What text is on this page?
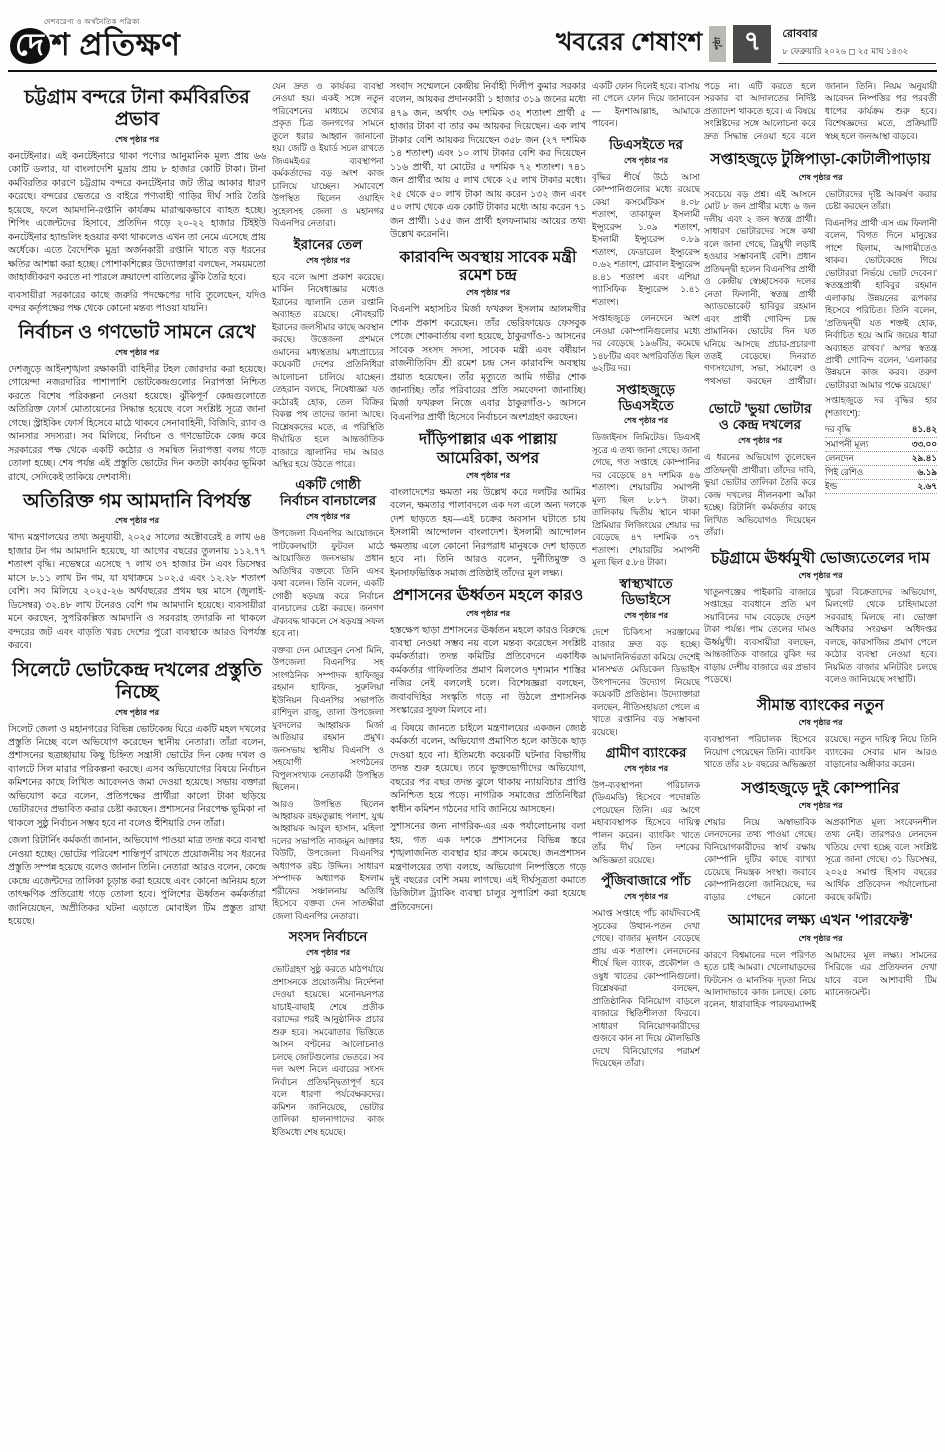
দেশবরেণ্য ও অর্থনৈতিক পত্রিকা
দে শ প্রতিক্ষণ	খবরের শেষাংশ	পৃষ্ঠা ৭	রোববার
৮ ফেব্রুয়ারি ২০২৬ ◻ ২৫ মাঘ ১৪৩২
চট্টগ্রাম বন্দরে টানা কর্মবিরতির প্রভাব
শেষ পৃষ্ঠার পর

কনটেইনার। এই কনটেইনারে থাকা পণ্যের আনুমানিক মূল্য প্রায় ৬৬ কোটি ডলার, যা বাংলাদেশি মুদ্রায় প্রায় ৮ হাজার কোটি টাকা। টানা কর্মবিরতির কারণে চট্টগ্রাম বন্দরে কনটেইনার জট তীব্র আকার ধারণ করেছে। বন্দরের ভেতরে ও বাইরে পণ্যবাহী গাড়ির দীর্ঘ সারি তৈরি হয়েছে, ফলে আমদানি-রপ্তানি কার্যক্রম মারাত্মকভাবে ব্যাহত হচ্ছে। শিপিং এজেন্টদের হিসাবে, প্রতিদিন গড়ে ২০-২২ হাজার টিইইউ কনটেইনার হ্যান্ডলিং হওয়ার কথা থাকলেও এখন তা নেমে এসেছে প্রায় অর্ধেকে। এতে বৈদেশিক মুদ্রা অর্জনকারী রপ্তানি খাতে বড় ধরনের ক্ষতির আশঙ্কা করা হচ্ছে। পোশাকশিল্পের উদ্যোক্তারা বলছেন, সময়মতো জাহাজীকরণ করতে না পারলে ক্রয়াদেশ বাতিলের ঝুঁকি তৈরি হবে।

ব্যবসায়ীরা সরকারের কাছে জরুরি পদক্ষেপের দাবি তুলেছেন, যদিও বন্দর কর্তৃপক্ষের পক্ষ থেকে কোনো মন্তব্য পাওয়া যায়নি।

নির্বাচন ও গণভোট সামনে রেখে
শেষ পৃষ্ঠার পর

দেশজুড়ে আইনশৃঙ্খলা রক্ষাকারী বাহিনীর টহল জোরদার করা হয়েছে। গোয়েন্দা নজরদারির পাশাপাশি ভোটকেন্দ্রগুলোর নিরাপত্তা নিশ্চিত করতে বিশেষ পরিকল্পনা নেওয়া হয়েছে। ঝুঁকিপূর্ণ কেন্দ্রগুলোতে অতিরিক্ত ফোর্স মোতায়েনের সিদ্ধান্ত হয়েছে বলে সংশ্লিষ্ট সূত্রে জানা গেছে। স্ট্রাইকিং ফোর্স হিসেবে মাঠে থাকবে সেনাবাহিনী, বিজিবি, র‌্যাব ও আনসার সদস্যরা। সব মিলিয়ে, নির্বাচন ও গণভোটকে কেন্দ্র করে সরকারের পক্ষ থেকে একটি কঠোর ও সমন্বিত নিরাপত্তা বলয় গড়ে তোলা হচ্ছে। শেষ পর্যন্ত এই প্রস্তুতি ভোটের দিন কতটা কার্যকর ভূমিকা রাখে, সেদিকেই তাকিয়ে দেশবাসী।

অতিরিক্ত গম আমদানি বিপর্যস্ত
শেষ পৃষ্ঠার পর

খাদ্য মন্ত্রণালয়ের তথ্য অনুযায়ী, ২০২৫ সালের অক্টোবরেই ৪ লাখ ৬৪ হাজার টন গম আমদানি হয়েছে, যা আগের বছরের তুলনায় ১১২.৭৭ শতাংশ বৃদ্ধি। নভেম্বরে এসেছে ৭ লাখ ৩৭ হাজার টন এবং ডিসেম্বর মাসে ৮.১১ লাখ টন গম, যা যথাক্রমে ১০২.৫ এবং ১২.২৮ শতাংশ বেশি। সব মিলিয়ে ২০২৫-২৬ অর্থবছরের প্রথম ছয় মাসে (জুলাই-ডিসেম্বর) ৩২.৪৮ লাখ টনেরও বেশি গম আমদানি হয়েছে। ব্যবসায়ীরা মনে করছেন, সুপরিকল্পিত আমদানি ও সরবরাহ তদারকি না থাকলে বন্দরের জট এবং বাড়তি খরচ দেশের পুরো ব্যবস্থাকে আরও বিপর্যস্ত করবে।

সিলেটে ভোটকেন্দ্র দখলের প্রস্তুতি নিচ্ছে
শেষ পৃষ্ঠার পর

সিলেট জেলা ও মহানগরের বিভিন্ন ভোটকেন্দ্র ঘিরে একটি মহল দখলের প্রস্তুতি নিচ্ছে বলে অভিযোগ করেছেন স্থানীয় নেতারা। তাঁরা বলেন, প্রশাসনের ছত্রচ্ছায়ায় কিছু চিহ্নিত সন্ত্রাসী ভোটের দিন কেন্দ্র দখল ও ব্যালটে সিল মারার পরিকল্পনা করছে। এসব অভিযোগের বিষয়ে নির্বাচন কমিশনের কাছে লিখিত আবেদনও জমা দেওয়া হয়েছে। সভায় বক্তারা অভিযোগ করে বলেন, প্রতিপক্ষের প্রার্থীরা কালো টাকা ছড়িয়ে ভোটারদের প্রভাবিত করার চেষ্টা করছেন। প্রশাসনের নিরপেক্ষ ভূমিকা না থাকলে সুষ্ঠু নির্বাচন সম্ভব হবে না বলেও হুঁশিয়ারি দেন তাঁরা।

জেলা রিটার্নিং কর্মকর্তা জানান, অভিযোগ পাওয়া মাত্র তদন্ত করে ব্যবস্থা নেওয়া হচ্ছে। ভোটের পরিবেশ শান্তিপূর্ণ রাখতে প্রয়োজনীয় সব ধরনের প্রস্তুতি সম্পন্ন হয়েছে বলেও জানান তিনি। নেতারা আরও বলেন, কেন্দ্রে কেন্দ্রে এজেন্টদের তালিকা চূড়ান্ত করা হয়েছে এবং কোনো অনিয়ম হলে তাৎক্ষণিক প্রতিরোধ গড়ে তোলা হবে। পুলিশের ঊর্ধ্বতন কর্মকর্তারা জানিয়েছেন, অপ্রীতিকর ঘটনা এড়াতে মোবাইল টিম প্রস্তুত রাখা হয়েছে।

যেন দ্রুত ও কার্যকর ব্যবস্থা নেওয়া হয়। একই সঙ্গে নতুন পরিবেশনের মাধ্যমে তথ্যের প্রকৃত চিত্র জনগণের সামনে তুলে ধরার আহ্বান জানানো হয়। জেটি ও ইয়ার্ড সচল রাখতে জিএমইএর ব্যবস্থাপনা কর্মকর্তাদের বড় অংশ কাজ চালিয়ে যাচ্ছেন। সমাবেশে উপস্থিত ছিলেন ওয়াহিদ সুহেলসহ জেলা ও মহানগর বিএনপির নেতারা।

ইরানের তেল
শেষ পৃষ্ঠার পর

হবে বলে আশা প্রকাশ করেছে। মার্কিন নিষেধাজ্ঞার মধ্যেও ইরানের জ্বালানি তেল রপ্তানি অব্যাহত রয়েছে। নৌবহরটি ইরানের জলসীমার কাছে অবস্থান করছে। উত্তেজনা প্রশমনে ওমানের মধ্যস্থতায় মধ্যপ্রাচ্যের কয়েকটি দেশের প্রতিনিধিরা আলোচনা চালিয়ে যাচ্ছেন। তেহরান বলছে, নিষেধাজ্ঞা যত কঠোরই হোক, তেল বিক্রির বিকল্প পথ তাদের জানা আছে। বিশ্লেষকদের মতে, এ পরিস্থিতি দীর্ঘায়িত হলে আন্তর্জাতিক বাজারে জ্বালানির দাম আরও অস্থির হয়ে উঠতে পারে।

একটি গোষ্ঠী নির্বাচন বানচালের
শেষ পৃষ্ঠার পর

উপজেলা বিএনপির আয়োজনে পাটকেলঘাটা ফুটবল মাঠে আয়োজিত জনসভায় প্রধান অতিথির বক্তব্যে তিনি এসব কথা বলেন। তিনি বলেন, একটি গোষ্ঠী ষড়যন্ত্র করে নির্বাচন বানচালের চেষ্টা করছে। জনগণ ঐক্যবদ্ধ থাকলে সে ষড়যন্ত্র সফল হবে না।

বক্তব্য দেন মোহেবুন নেসা মিনি, উপজেলা বিএনপির সহ সাংগঠনিক সম্পাদক হাফিজুর রহমান হাফিজ, সুরুলিয়া ইউনিয়ন বিএনপির সভাপতি রাশিদুল রাজু, তালা উপজেলা যুবদলের আহ্বায়ক মির্জা আতিয়ার রহমান প্রমুখ। জনসভায় স্থানীয় বিএনপি ও সহযোগী সংগঠনের বিপুলসংখ্যক নেতাকর্মী উপস্থিত ছিলেন।

আরও উপস্থিত ছিলেন আহ্বায়ক রহমতুল্লাহ পলাশ, যুগ্ম আহ্বায়ক আবুল হাসান, মহিলা দলের সভাপতি নাজমুন আক্তার বিউটি, উপজেলা বিএনপির অধ্যাপক রইচ উদ্দিন। সাধারণ সম্পাদক অধ্যাপক ইসলাম শরীফের সঞ্চালনায় অতিথি হিসেবে বক্তব্য দেন সাতক্ষীরা জেলা বিএনপির নেতারা।

সংসদ নির্বাচনে
শেষ পৃষ্ঠার পর

ভোটগ্রহণ সুষ্ঠু করতে মাঠপর্যায়ে প্রশাসনকে প্রয়োজনীয় নির্দেশনা দেওয়া হয়েছে। মনোনয়নপত্র যাচাই-বাছাই শেষে প্রতীক বরাদ্দের পরই আনুষ্ঠানিক প্রচার শুরু হবে। সমঝোতার ভিত্তিতে আসন বণ্টনের আলোচনাও চলছে জোটগুলোর ভেতরে। সব দল অংশ নিলে এবারের সংসদ নির্বাচন প্রতিদ্বন্দ্বিতাপূর্ণ হবে বলে ধারণা পর্যবেক্ষকদের। কমিশন জানিয়েছে, ভোটার তালিকা হালনাগাদের কাজ ইতিমধ্যে শেষ হয়েছে।

সংবাদ সম্মেলনে কেন্দ্রীয় নির্বাহী দিলীপ কুমার সরকার বলেন, আয়কর প্রদানকারী ১ হাজার ৩১৯ জনের মধ্যে ৪৭৯ জন, অর্থাৎ ৩৬ দশমিক ৩২ শতাংশ প্রার্থী ৫ হাজার টাকা বা তার কম আয়কর দিয়েছেন। এক লাখ টাকার বেশি আয়কর দিয়েছেন ৩৫৮ জন (২৭ দশমিক ১৪ শতাংশ) এবং ১০ লাখ টাকার বেশি কর দিয়েছেন ১১৬ প্রার্থী, যা মোটের ৫ দশমিক ৭২ শতাংশ। ৭৪১ জন প্রার্থীর আয় ৫ লাখ থেকে ২৫ লাখ টাকার মধ্যে। ২৫ থেকে ৫০ লাখ টাকা আয় করেন ১৩২ জন এবং ৫০ লাখ থেকে এক কোটি টাকার মধ্যে আয় করেন ৭১ জন প্রার্থী। ১৫৫ জন প্রার্থী হলফনামায় আয়ের তথ্য উল্লেখ করেননি।

কারাবন্দি অবস্থায় সাবেক মন্ত্রী রমেশ চন্দ্র
শেষ পৃষ্ঠার পর

বিএনপি মহাসচিব মির্জা ফখরুল ইসলাম আলমগীর শোক প্রকাশ করেছেন। তাঁর ভেরিফায়েড ফেসবুক পেজে শোকবার্তায় বলা হয়েছে, ঠাকুরগাঁও-১ আসনের সাবেক সংসদ সদস্য, সাবেক মন্ত্রী এবং বর্ষীয়ান রাজনীতিবিদ শ্রী রমেশ চন্দ্র সেন কারাবন্দি অবস্থায় প্রয়াত হয়েছেন। তাঁর মৃত্যুতে আমি গভীর শোক জানাচ্ছি। তাঁর পরিবারের প্রতি সমবেদনা জানাচ্ছি। মির্জা ফখরুল নিজে এবার ঠাকুরগাঁও-১ আসনে বিএনপির প্রার্থী হিসেবে নির্বাচনে অংশগ্রহণ করছেন।

দাঁড়িপাল্লার এক পাল্লায় আমেরিকা, অপর
শেষ পৃষ্ঠার পর

বাংলাদেশের ক্ষমতা নয় উল্লেখ করে দলটির আমির বলেন, ক্ষমতার পালাবদলে এক দল এলে অন্য দলকে দেশ ছাড়তে হয়—এই চক্রের অবসান ঘটাতে চায় ইসলামী আন্দোলন বাংলাদেশ। ইসলামী আন্দোলন ক্ষমতায় এলে কোনো নিরপরাধ মানুষকে দেশ ছাড়তে হবে না। তিনি আরও বলেন, দুর্নীতিমুক্ত ও ইনসাফভিত্তিক সমাজ প্রতিষ্ঠাই তাঁদের মূল লক্ষ্য।

প্রশাসনের ঊর্ধ্বতন মহলে কারও
শেষ পৃষ্ঠার পর

হস্তক্ষেপ ছাড়া প্রশাসনের ঊর্ধ্বতন মহলে কারও বিরুদ্ধে ব্যবস্থা নেওয়া সম্ভব নয় বলে মন্তব্য করেছেন সংশ্লিষ্ট কর্মকর্তারা। তদন্ত কমিটির প্রতিবেদনে একাধিক কর্মকর্তার গাফিলতির প্রমাণ মিললেও দৃশ্যমান শাস্তির নজির নেই বললেই চলে। বিশেষজ্ঞরা বলছেন, জবাবদিহির সংস্কৃতি গড়ে না উঠলে প্রশাসনিক সংস্কারের সুফল মিলবে না।

এ বিষয়ে জানতে চাইলে মন্ত্রণালয়ের একজন জ্যেষ্ঠ কর্মকর্তা বলেন, অভিযোগ প্রমাণিত হলে কাউকে ছাড় দেওয়া হবে না। ইতিমধ্যে কয়েকটি ঘটনার বিভাগীয় তদন্ত শুরু হয়েছে। তবে ভুক্তভোগীদের অভিযোগ, বছরের পর বছর তদন্ত ঝুলে থাকায় ন্যায়বিচার প্রাপ্তি অনিশ্চিত হয়ে পড়ে। নাগরিক সমাজের প্রতিনিধিরা স্বাধীন কমিশন গঠনের দাবি জানিয়ে আসছেন।

সুশাসনের জন্য নাগরিক-এর এক পর্যালোচনায় বলা হয়, গত এক দশকে প্রশাসনের বিভিন্ন স্তরে শৃঙ্খলাজনিত ব্যবস্থার হার ক্রমে কমেছে। জনপ্রশাসন মন্ত্রণালয়ের তথ্য বলছে, অভিযোগ নিষ্পত্তিতে গড়ে দুই বছরের বেশি সময় লাগছে। এই দীর্ঘসূত্রতা কমাতে ডিজিটাল ট্র্যাকিং ব্যবস্থা চালুর সুপারিশ করা হয়েছে প্রতিবেদনে।

একটি ফোন দিলেই হবে। বাসায় না পেলে ফোন দিয়ে জানাবেন— ইনশাআল্লাহ, আমাকে পাবেন।

ডিএসইতে দর
শেষ পৃষ্ঠার পর

বৃদ্ধির শীর্ষে উঠে আসা কোম্পানিগুলোর মধ্যে রয়েছে কেয়া কসমেটিকস ৪.০৮ শতাংশ, তাকাফুল ইসলামী ইন্স্যুরেন্স ১.০৯ শতাংশ, ইসলামী ইন্স্যুরেন্স ০.৮৯ শতাংশ, ফেডারেল ইন্স্যুরেন্স ০.৬২ শতাংশ, গ্লোবাল ইন্স্যুরেন্স ৪.৪১ শতাংশ এবং এশিয়া প্যাসিফিক ইন্স্যুরেন্স ১.৪১ শতাংশ।

সপ্তাহজুড়ে লেনদেনে অংশ নেওয়া কোম্পানিগুলোর মধ্যে দর বেড়েছে ১৯৬টির, কমেছে ১৪৮টির এবং অপরিবর্তিত ছিল ৬২টির দর।

সপ্তাহজুড়ে ডিএসইতে
শেষ পৃষ্ঠার পর

ডিজাইনস লিমিটেড। ডিএসই সূত্রে এ তথ্য জানা গেছে। জানা গেছে, গত সপ্তাহে কোম্পানির দর বেড়েছে ৪৭ দশমিক ৪৬ শতাংশ। শেয়ারটির সমাপনী মূল্য ছিল ৮.৮৭ টাকা। তালিকায় দ্বিতীয় স্থানে থাকা প্রিমিয়ার লিজিংয়ের শেয়ার দর বেড়েছে ৪৭ দশমিক ৩৭ শতাংশ। শেয়ারটির সমাপনী মূল্য ছিল ৫.৮৪ টাকা।

স্বাস্থ্যখাতে ডিভাইসে
শেষ পৃষ্ঠার পর

দেশে চিকিৎসা সরঞ্জামের বাজার দ্রুত বড় হচ্ছে। আমদানিনির্ভরতা কমিয়ে দেশেই মানসম্মত মেডিকেল ডিভাইস উৎপাদনের উদ্যোগ নিয়েছে কয়েকটি প্রতিষ্ঠান। উদ্যোক্তারা বলছেন, নীতিসহায়তা পেলে এ খাতে রপ্তানির বড় সম্ভাবনা রয়েছে।

গ্রামীণ ব্যাংকের
শেষ পৃষ্ঠার পর

উপ-ব্যবস্থাপনা পরিচালক (ডিএমডি) হিসেবে পদোন্নতি পেয়েছেন তিনি। এর আগে মহাব্যবস্থাপক হিসেবে দায়িত্ব পালন করেন। ব্যাংকিং খাতে তাঁর দীর্ঘ তিন দশকের অভিজ্ঞতা রয়েছে।

পুঁজিবাজারে পাঁচ
শেষ পৃষ্ঠার পর

সমাপ্ত সপ্তাহে পাঁচ কার্যদিবসেই সূচকের উত্থান-পতন দেখা গেছে। বাজার মূলধন বেড়েছে প্রায় এক শতাংশ। লেনদেনের শীর্ষে ছিল ব্যাংক, প্রকৌশল ও ওষুধ খাতের কোম্পানিগুলো। বিশ্লেষকরা বলছেন, প্রাতিষ্ঠানিক বিনিয়োগ বাড়লে বাজারে স্থিতিশীলতা ফিরবে। সাধারণ বিনিয়োগকারীদের গুজবে কান না দিয়ে মৌলভিত্তি দেখে বিনিয়োগের পরামর্শ দিয়েছেন তাঁরা।

পড়ে না। এটি করতে হলে সরকার বা আদালতের নির্দিষ্ট প্রত্যাদেশ থাকতে হবে। এ বিষয়ে সংশ্লিষ্টদের সঙ্গে আলোচনা করে দ্রুত সিদ্ধান্ত নেওয়া হবে বলে জানান তিনি। নিয়ম অনুযায়ী আবেদন নিষ্পত্তির পর পরবর্তী ধাপের কার্যক্রম শুরু হবে। বিশেষজ্ঞদের মতে, প্রক্রিয়াটি স্বচ্ছ হলে জনআস্থা বাড়বে।

সপ্তাহজুড়ে টুঙ্গিপাড়া-কোটালীপাড়ায়
শেষ পৃষ্ঠার পর

সবচেয়ে বড় প্রশ্ন। এই আসনে মোট ৮ জন প্রার্থীর মধ্যে ৬ জন দলীয় এবং ২ জন স্বতন্ত্র প্রার্থী। সাধারণ ভোটারদের সঙ্গে কথা বলে জানা গেছে, ত্রিমুখী লড়াই হওয়ার সম্ভাবনাই বেশি। প্রধান প্রতিদ্বন্দ্বী হলেন বিএনপির প্রার্থী ও কেন্দ্রীয় স্বেচ্ছাসেবক দলের নেতা ফিলানী, স্বতন্ত্র প্রার্থী অ্যাডভোকেট হাবিবুর রহমান এবং প্রার্থী গোবিন্দ চন্দ্র প্রামানিক। ভোটের দিন যত ঘনিয়ে আসছে প্রচার-প্রচারণা ততই বেড়েছে। দিনরাত গণসংযোগ, সভা, সমাবেশ ও পথসভা করছেন প্রার্থীরা। ভোটারদের দৃষ্টি আকর্ষণ করার চেষ্টা করছেন তাঁরা।

বিএনপির প্রার্থী এস এম ফিলানী বলেন, 'বিগত দিনে মানুষের পাশে ছিলাম, আগামীতেও থাকব। ভোটকেন্দ্রে গিয়ে ভোটাররা নির্ভয়ে ভোট দেবেন।' স্বতন্ত্রপ্রার্থী হাবিবুর রহমান এলাকায় উন্নয়নের রূপকার হিসেবে পরিচিত। তিনি বলেন, 'প্রতিদ্বন্দ্বী যত শক্তই হোক, নির্বাচিত হয়ে আমি জয়ের ধারা অব্যাহত রাখব।' অপর স্বতন্ত্র প্রার্থী গোবিন্দ বলেন, 'এলাকার উন্নয়নে কাজ করব। তরুণ ভোটাররা আমার পক্ষে রয়েছে।'

ভোটে 'ভুয়া ভোটার ও কেন্দ্র দখলের
শেষ পৃষ্ঠার পর

এ ধরনের অভিযোগ তুলেছেন প্রতিদ্বন্দ্বী প্রার্থীরা। তাঁদের দাবি, ভুয়া ভোটার তালিকা তৈরি করে কেন্দ্র দখলের নীলনকশা আঁকা হচ্ছে। রিটার্নিং কর্মকর্তার কাছে লিখিত অভিযোগও দিয়েছেন তাঁরা।

সপ্তাহজুড়ে দর বৃদ্ধির হার (শতাংশে):

দর বৃদ্ধি	৪১.৪২
সমাপনী মূল্য	৩৩.০০
লেনদেন	২৯.৪১
পিই রেশিও	৬.১৯
ইল্ড	২.৬৭
চট্টগ্রামে ঊর্ধ্বমুখী ভোজ্যতেলের দাম
শেষ পৃষ্ঠার পর

খাতুনগঞ্জের পাইকারি বাজারে সপ্তাহের ব্যবধানে প্রতি মণ সয়াবিনের দাম বেড়েছে দেড়শ টাকা পর্যন্ত। পাম তেলের দামও ঊর্ধ্বমুখী। ব্যবসায়ীরা বলছেন, আন্তর্জাতিক বাজারে বুকিং দর বাড়ায় দেশীয় বাজারে এর প্রভাব পড়েছে।

খুচরা বিক্রেতাদের অভিযোগ, মিলগেট থেকে চাহিদামতো সরবরাহ মিলছে না। ভোক্তা অধিকার সংরক্ষণ অধিদপ্তর বলছে, কারসাজির প্রমাণ পেলে কঠোর ব্যবস্থা নেওয়া হবে। নিয়মিত বাজার মনিটরিং চলছে বলেও জানিয়েছে সংস্থাটি।

সীমান্ত ব্যাংকের নতুন
শেষ পৃষ্ঠার পর

ব্যবস্থাপনা পরিচালক হিসেবে নিয়োগ পেয়েছেন তিনি। ব্যাংকিং খাতে তাঁর ২৮ বছরের অভিজ্ঞতা রয়েছে। নতুন দায়িত্ব নিয়ে তিনি ব্যাংকের সেবার মান আরও বাড়ানোর অঙ্গীকার করেন।

সপ্তাহজুড়ে দুই কোম্পানির
শেষ পৃষ্ঠার পর

শেয়ার নিয়ে অস্বাভাবিক লেনদেনের তথ্য পাওয়া গেছে। বিনিয়োগকারীদের স্বার্থ রক্ষায় কোম্পানি দুটির কাছে ব্যাখ্যা চেয়েছে নিয়ন্ত্রক সংস্থা। জবাবে কোম্পানিগুলো জানিয়েছে, দর বাড়ার পেছনে কোনো অপ্রকাশিত মূল্য সংবেদনশীল তথ্য নেই। তারপরও লেনদেন খতিয়ে দেখা হচ্ছে বলে সংশ্লিষ্ট সূত্রে জানা গেছে। ৩১ ডিসেম্বর, ২০২৫ সমাপ্ত হিসাব বছরের আর্থিক প্রতিবেদন পর্যালোচনা করছে কমিটি।

আমাদের লক্ষ্য এখন 'পারফেক্ট'
শেষ পৃষ্ঠার পর

কারণে বিশ্বমানের দলে পরিণত হতে চাই আমরা। খেলোয়াড়দের ফিটনেস ও মানসিক দৃঢ়তা নিয়ে আলাদাভাবে কাজ চলছে। কোচ বলেন, ধারাবাহিক পারফরম্যান্সই আমাদের মূল লক্ষ্য। সামনের সিরিজে এর প্রতিফলন দেখা যাবে বলে আশাবাদী টিম ম্যানেজমেন্ট।
